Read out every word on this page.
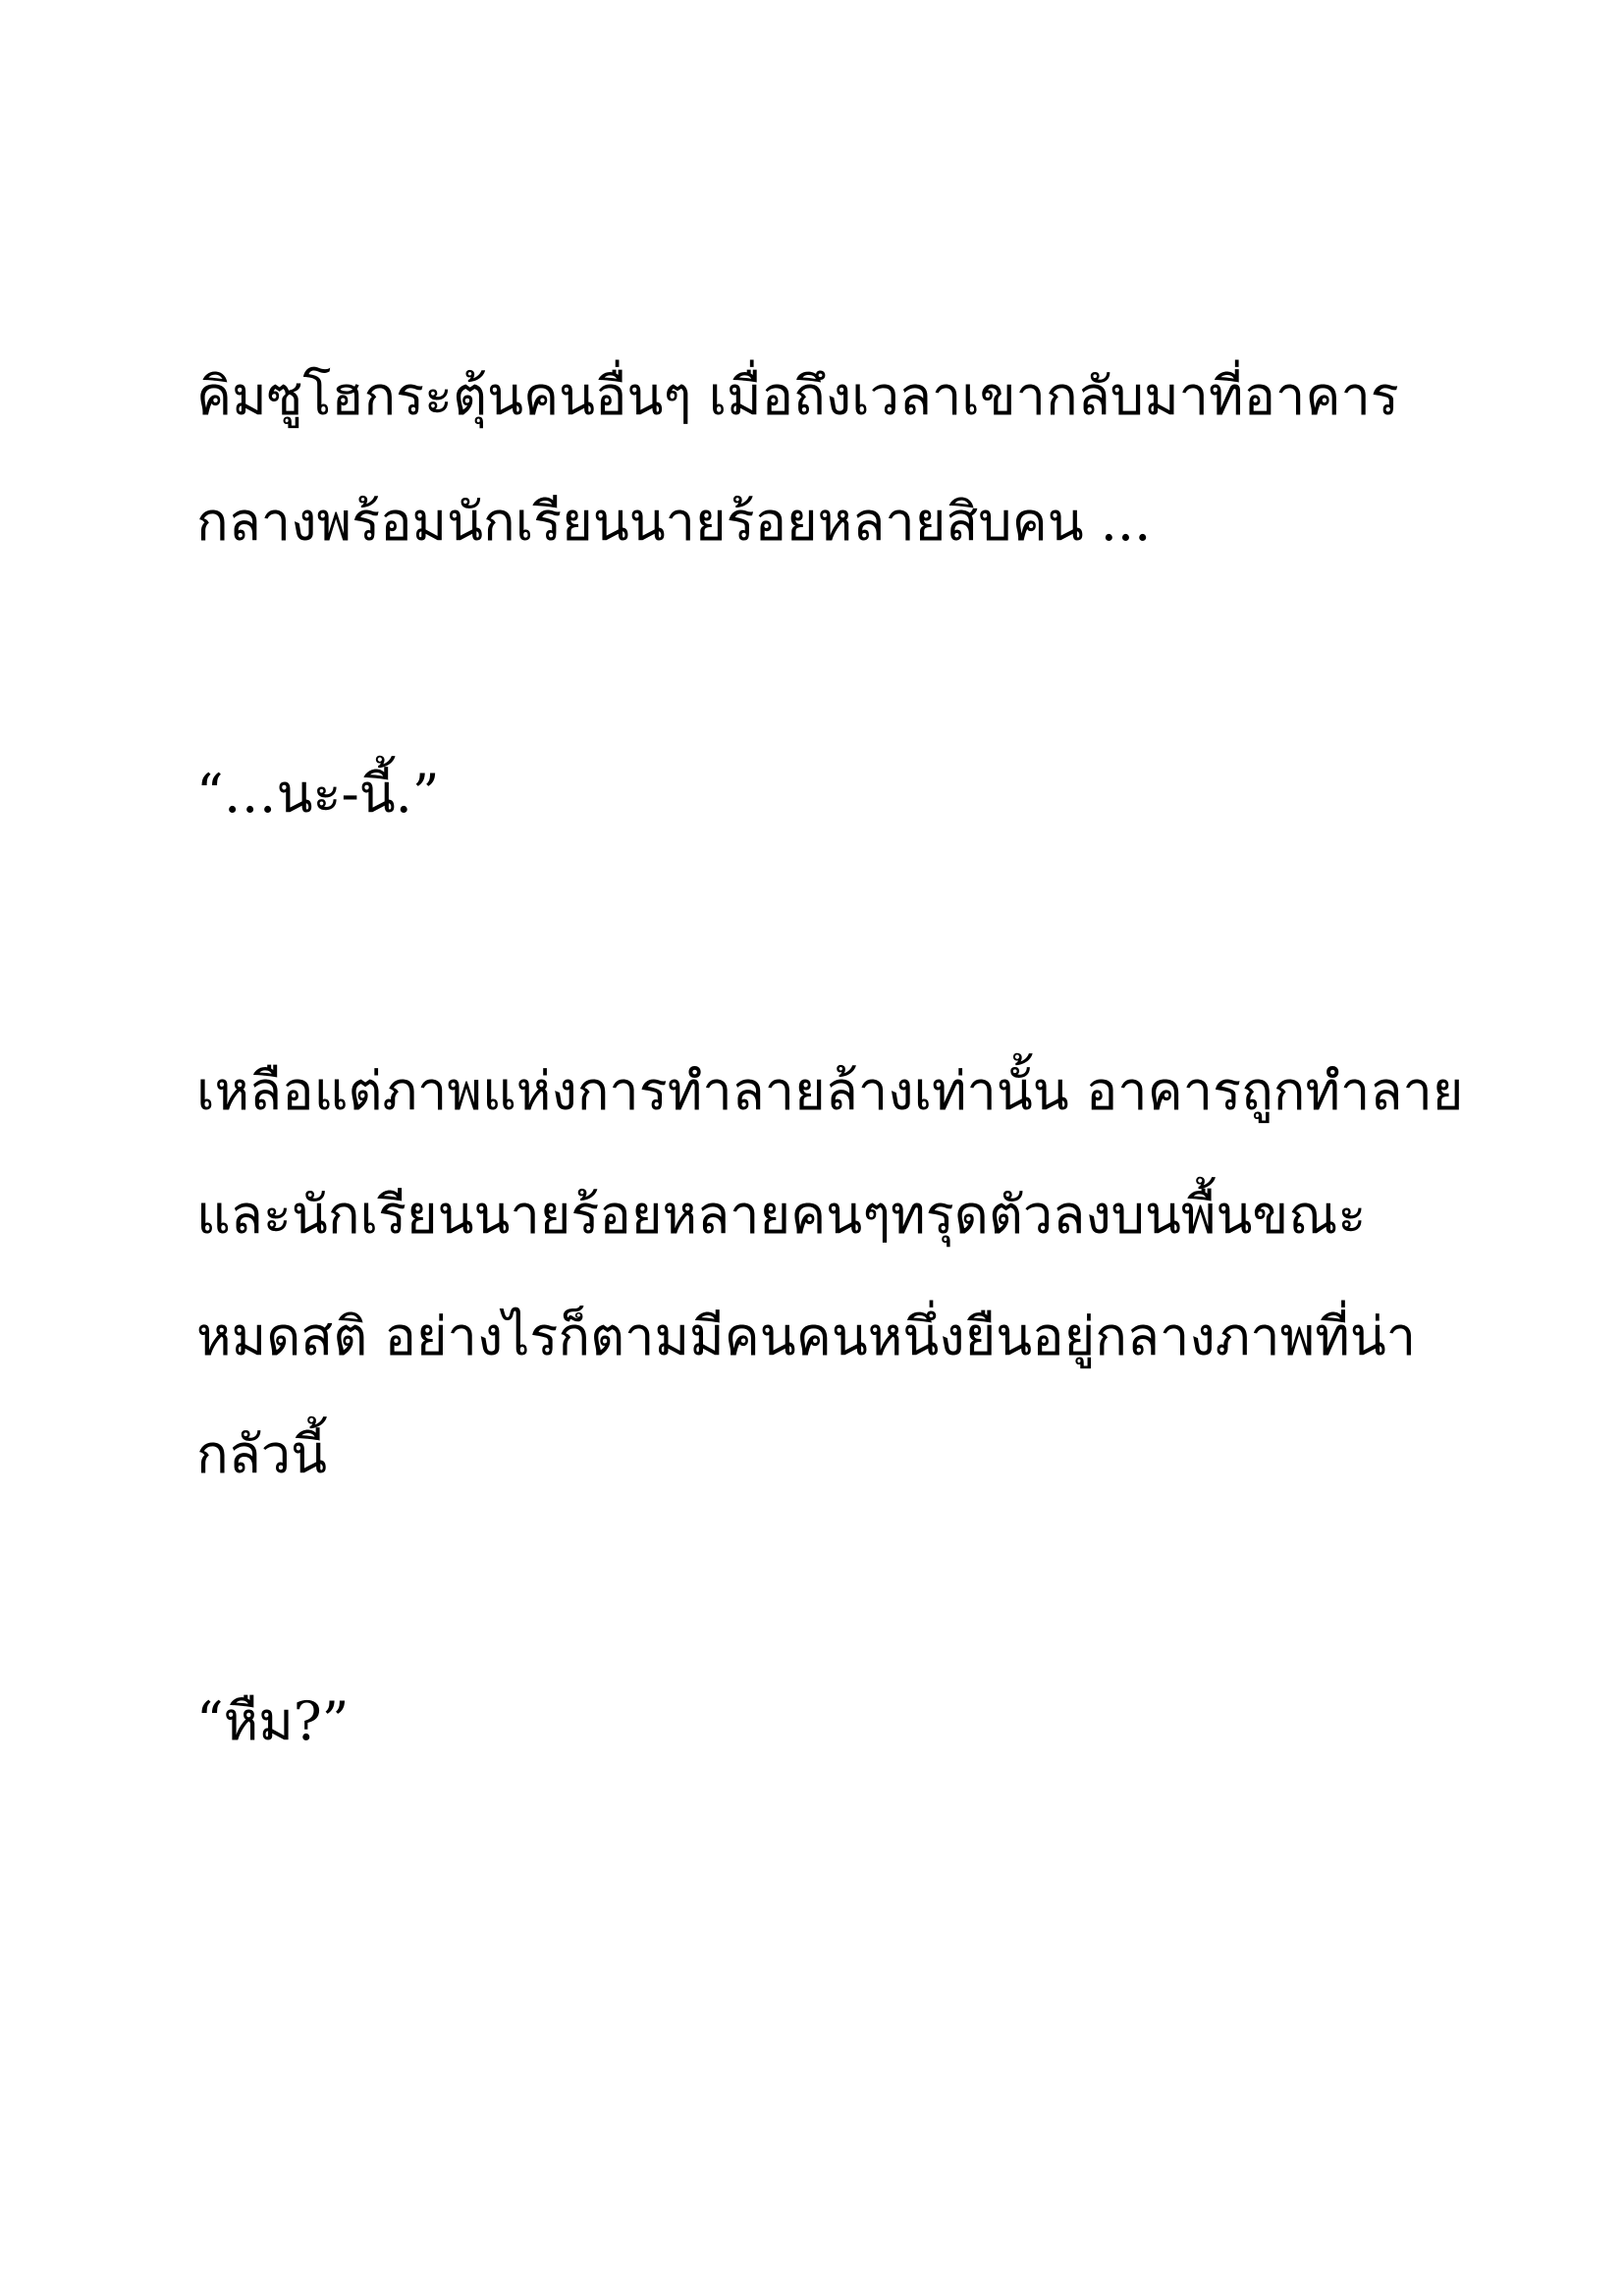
คิมซูโฮกระตุ้นคนอื่นๆ เมื่อถึงเวลาเขากลับมาที่อาคาร
กลางพร้อมนักเรียนนายร้อยหลายสิบคน ...
“…นะ-นี้.”
เหลือแต่ภาพแห่งการทำลายล้างเท่านั้น อาคารถูกทำลาย
และนักเรียนนายร้อยหลายคนๆทรุดตัวลงบนพื้นขณะ
หมดสติ อย่างไรก็ตามมีคนคนหนึ่งยืนอยู่กลางภาพที่น่า
กลัวนี้
“หืม?”
